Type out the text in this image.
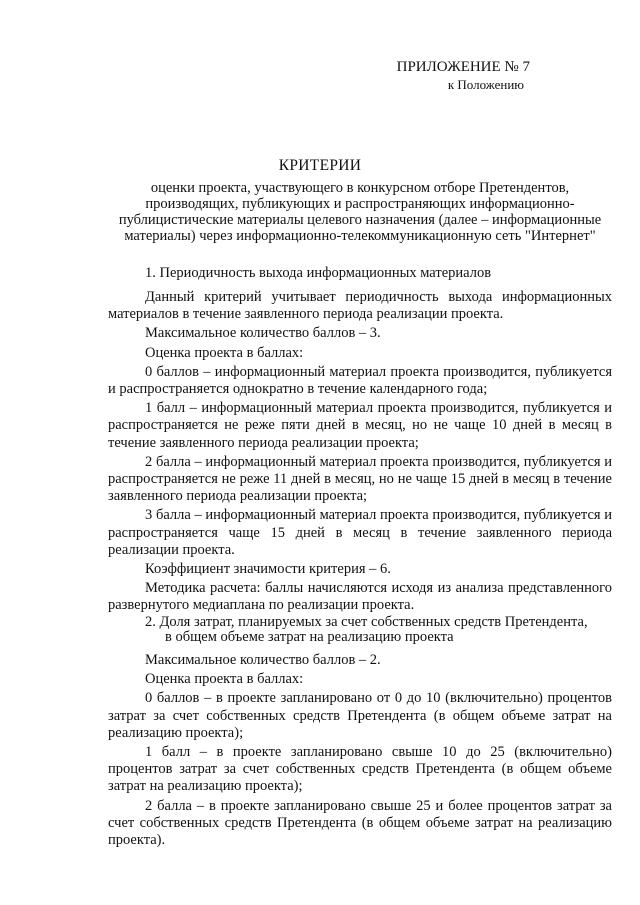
ПРИЛОЖЕНИЕ № 7
к Положению
КРИТЕРИИ
оценки проекта, участвующего в конкурсном отборе Претендентов, производящих, публикующих и распространяющих информационно-публицистические материалы целевого назначения (далее – информационные материалы) через информационно-телекоммуникационную сеть "Интернет"
1. Периодичность выхода информационных материалов

Данный критерий учитывает периодичность выхода информационных материалов в течение заявленного периода реализации проекта.

Максимальное количество баллов – 3.

Оценка проекта в баллах:

0 баллов – информационный материал проекта производится, публикуется и распространяется однократно в течение календарного года;

1 балл – информационный материал проекта производится, публикуется и распространяется не реже пяти дней в месяц, но не чаще 10 дней в месяц в течение заявленного периода реализации проекта;

2 балла – информационный материал проекта производится, публикуется и распространяется не реже 11 дней в месяц, но не чаще 15 дней в месяц в течение заявленного периода реализации проекта;

3 балла – информационный материал проекта производится, публикуется и распространяется чаще 15 дней в месяц в течение заявленного периода реализации проекта.

Коэффициент значимости критерия – 6.

Методика расчета: баллы начисляются исходя из анализа представленного развернутого медиаплана по реализации проекта.

2. Доля затрат, планируемых за счет собственных средств Претендента,
в общем объеме затрат на реализацию проекта

Максимальное количество баллов – 2.

Оценка проекта в баллах:

0 баллов – в проекте запланировано от 0 до 10 (включительно) процентов затрат за счет собственных средств Претендента (в общем объеме затрат на реализацию проекта);

1 балл – в проекте запланировано свыше 10 до 25 (включительно) процентов затрат за счет собственных средств Претендента (в общем объеме затрат на реализацию проекта);

2 балла – в проекте запланировано свыше 25 и более процентов затрат за счет собственных средств Претендента (в общем объеме затрат на реализацию проекта).
